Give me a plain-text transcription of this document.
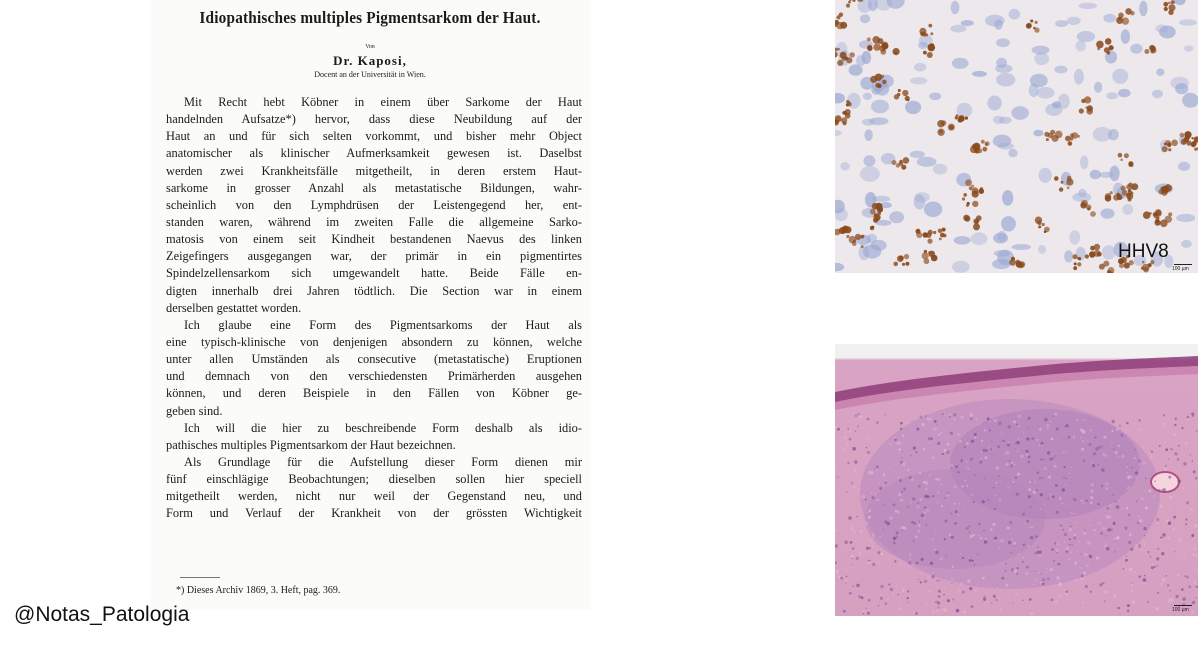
Idiopathisches multiples Pigmentsarkom der Haut.
Von
Dr. Kaposi,
Docent an der Universität in Wien.
Mit Recht hebt Köbner in einem über Sarkome der Haut
handelnden Aufsatze*) hervor, dass diese Neubildung auf der
Haut an und für sich selten vorkommt, und bisher mehr Object
anatomischer als klinischer Aufmerksamkeit gewesen ist. Daselbst
werden zwei Krankheitsfälle mitgetheilt, in deren erstem Haut-
sarkome in grosser Anzahl als metastatische Bildungen, wahr-
scheinlich von den Lymphdrüsen der Leistengegend her, ent-
standen waren, während im zweiten Falle die allgemeine Sarko-
matosis von einem seit Kindheit bestandenen Naevus des linken
Zeigefingers ausgegangen war, der primär in ein pigmentirtes
Spindelzellensarkom sich umgewandelt hatte. Beide Fälle en-
digten innerhalb drei Jahren tödtlich. Die Section war in einem
derselben gestattet worden.
Ich glaube eine Form des Pigmentsarkoms der Haut als
eine typisch-klinische von denjenigen absondern zu können, welche
unter allen Umständen als consecutive (metastatische) Eruptionen
und demnach von den verschiedensten Primärherden ausgehen
können, und deren Beispiele in den Fällen von Köbner ge-
geben sind.
Ich will die hier zu beschreibende Form deshalb als idio-
pathisches multiples Pigmentsarkom der Haut bezeichnen.
Als Grundlage für die Aufstellung dieser Form dienen mir
fünf einschlägige Beobachtungen; dieselben sollen hier speciell
mitgetheilt werden, nicht nur weil der Gegenstand neu, und
Form und Verlauf der Krankheit von der grössten Wichtigkeit
*) Dieses Archiv 1869, 3. Heft, pag. 369.
@Notas_Patologia
HHV8
100 µm
100 µm
